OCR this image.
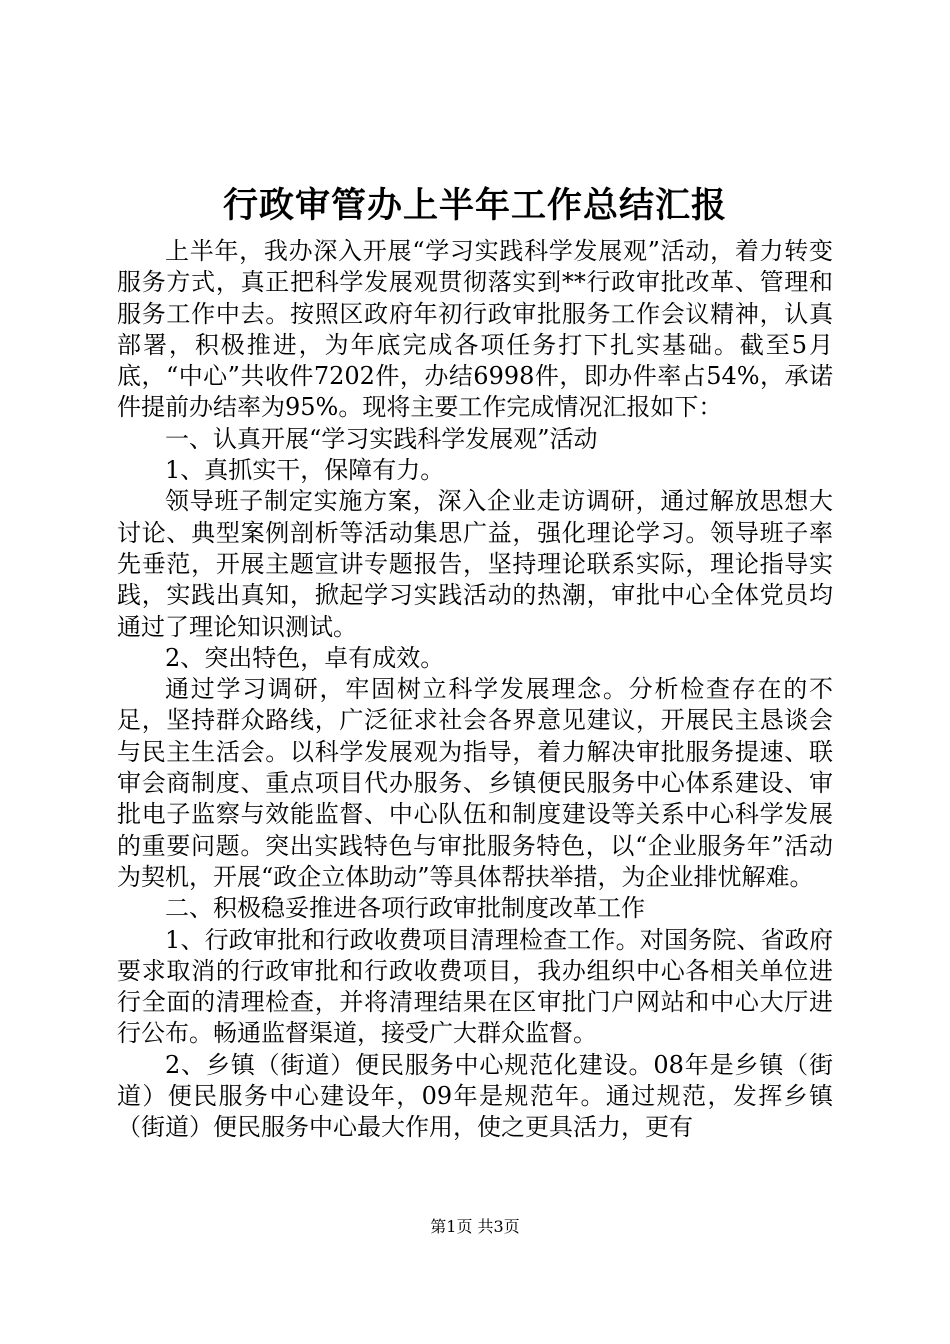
行政审管办上半年工作总结汇报

上半年，我办深入开展“学习实践科学发展观”活动，着力转变服务方式，真正把科学发展观贯彻落实到**行政审批改革、管理和服务工作中去。按照区政府年初行政审批服务工作会议精神，认真部署，积极推进，为年底完成各项任务打下扎实基础。截至5月底，“中心”共收件7202件，办结6998件，即办件率占54%，承诺件提前办结率为95%。现将主要工作完成情况汇报如下：

一、认真开展“学习实践科学发展观”活动

1、真抓实干，保障有力。

领导班子制定实施方案，深入企业走访调研，通过解放思想大讨论、典型案例剖析等活动集思广益，强化理论学习。领导班子率先垂范，开展主题宣讲专题报告，坚持理论联系实际，理论指导实践，实践出真知，掀起学习实践活动的热潮，审批中心全体党员均通过了理论知识测试。

2、突出特色，卓有成效。

通过学习调研，牢固树立科学发展理念。分析检查存在的不足，坚持群众路线，广泛征求社会各界意见建议，开展民主恳谈会与民主生活会。以科学发展观为指导，着力解决审批服务提速、联审会商制度、重点项目代办服务、乡镇便民服务中心体系建设、审批电子监察与效能监督、中心队伍和制度建设等关系中心科学发展的重要问题。突出实践特色与审批服务特色，以“企业服务年”活动为契机，开展“政企立体助动”等具体帮扶举措，为企业排忧解难。

二、积极稳妥推进各项行政审批制度改革工作

1、行政审批和行政收费项目清理检查工作。对国务院、省政府要求取消的行政审批和行政收费项目，我办组织中心各相关单位进行全面的清理检查，并将清理结果在区审批门户网站和中心大厅进行公布。畅通监督渠道，接受广大群众监督。

2、乡镇（街道）便民服务中心规范化建设。08年是乡镇（街道）便民服务中心建设年，09年是规范年。通过规范，发挥乡镇（街道）便民服务中心最大作用，使之更具活力，更有

第1页 共3页
